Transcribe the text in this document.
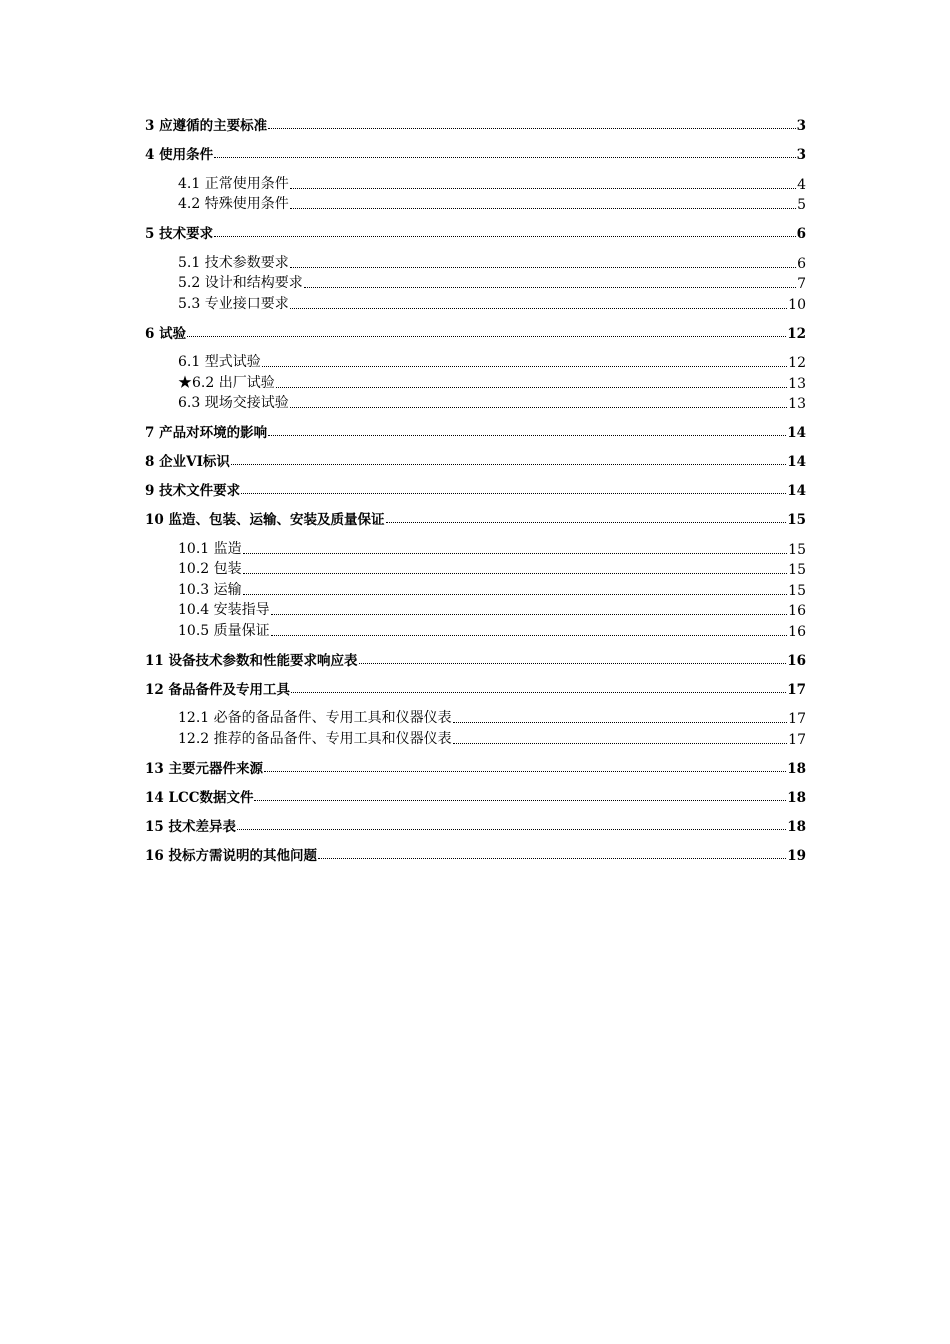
3 应遵循的主要标准	3
4 使用条件	3
4.1 正常使用条件	4
4.2 特殊使用条件	5
5 技术要求	6
5.1 技术参数要求	6
5.2 设计和结构要求	7
5.3 专业接口要求	10
6 试验	12
6.1 型式试验	12
★6.2 出厂试验	13
6.3 现场交接试验	13
7 产品对环境的影响	14
8 企业VI标识	14
9 技术文件要求	14
10 监造、包装、运输、安装及质量保证	15
10.1 监造	15
10.2 包装	15
10.3 运输	15
10.4 安装指导	16
10.5 质量保证	16
11 设备技术参数和性能要求响应表	16
12 备品备件及专用工具	17
12.1 必备的备品备件、专用工具和仪器仪表	17
12.2 推荐的备品备件、专用工具和仪器仪表	17
13 主要元器件来源	18
14 LCC数据文件	18
15 技术差异表	18
16 投标方需说明的其他问题	19
